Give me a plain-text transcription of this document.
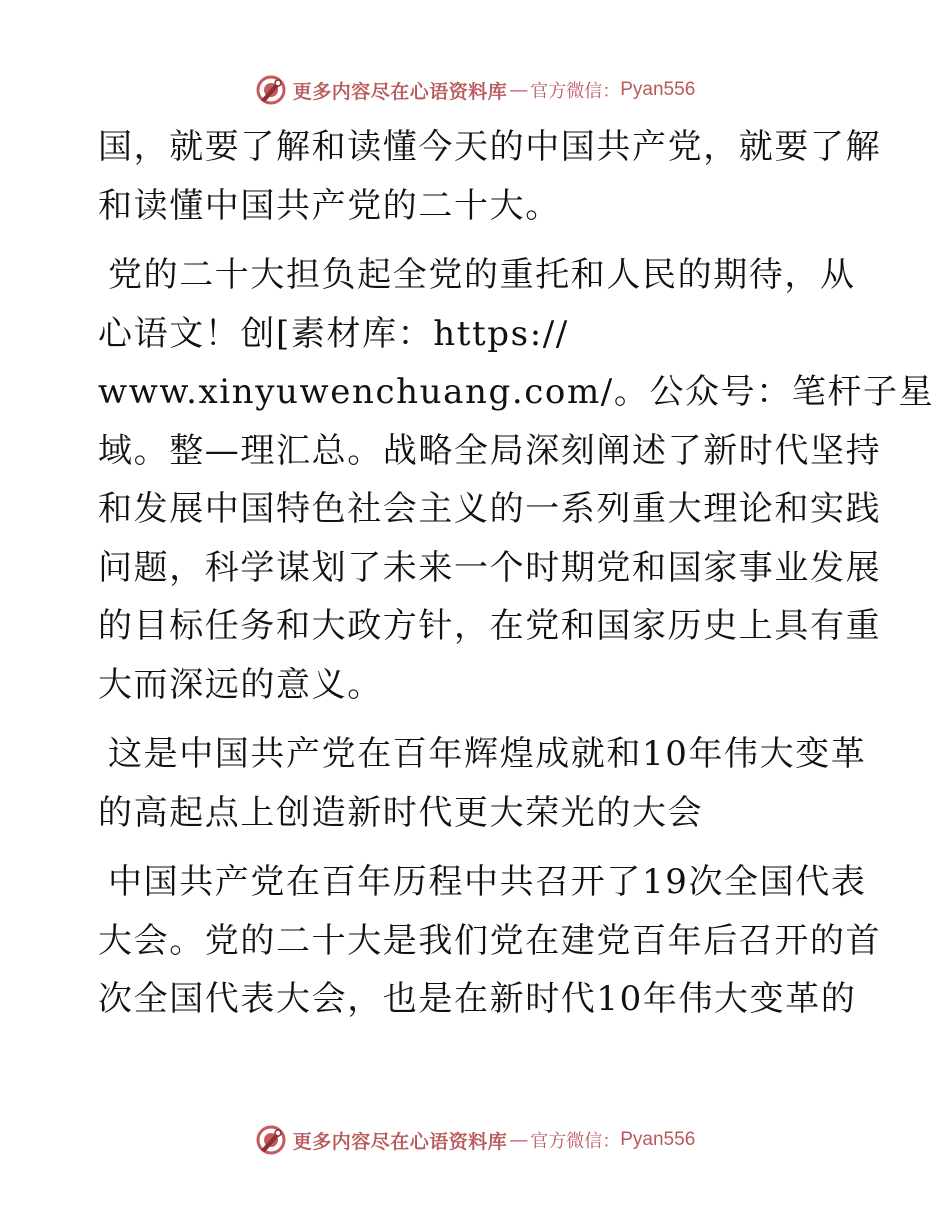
更多内容尽在心语资料库 — 官方微信： Pyan556
国，就要了解和读懂今天的中国共产党，就要了解
和读懂中国共产党的二十大。
党的二十大担负起全党的重托和人民的期待，从
心语文！创[素材库：https://
www.xinyuwenchuang.com/。公众号：笔杆子星
域。整—理汇总。战略全局深刻阐述了新时代坚持
和发展中国特色社会主义的一系列重大理论和实践
问题，科学谋划了未来一个时期党和国家事业发展
的目标任务和大政方针，在党和国家历史上具有重
大而深远的意义。
这是中国共产党在百年辉煌成就和10年伟大变革
的高起点上创造新时代更大荣光的大会
中国共产党在百年历程中共召开了19次全国代表
大会。党的二十大是我们党在建党百年后召开的首
次全国代表大会，也是在新时代10年伟大变革的
更多内容尽在心语资料库 — 官方微信： Pyan556
